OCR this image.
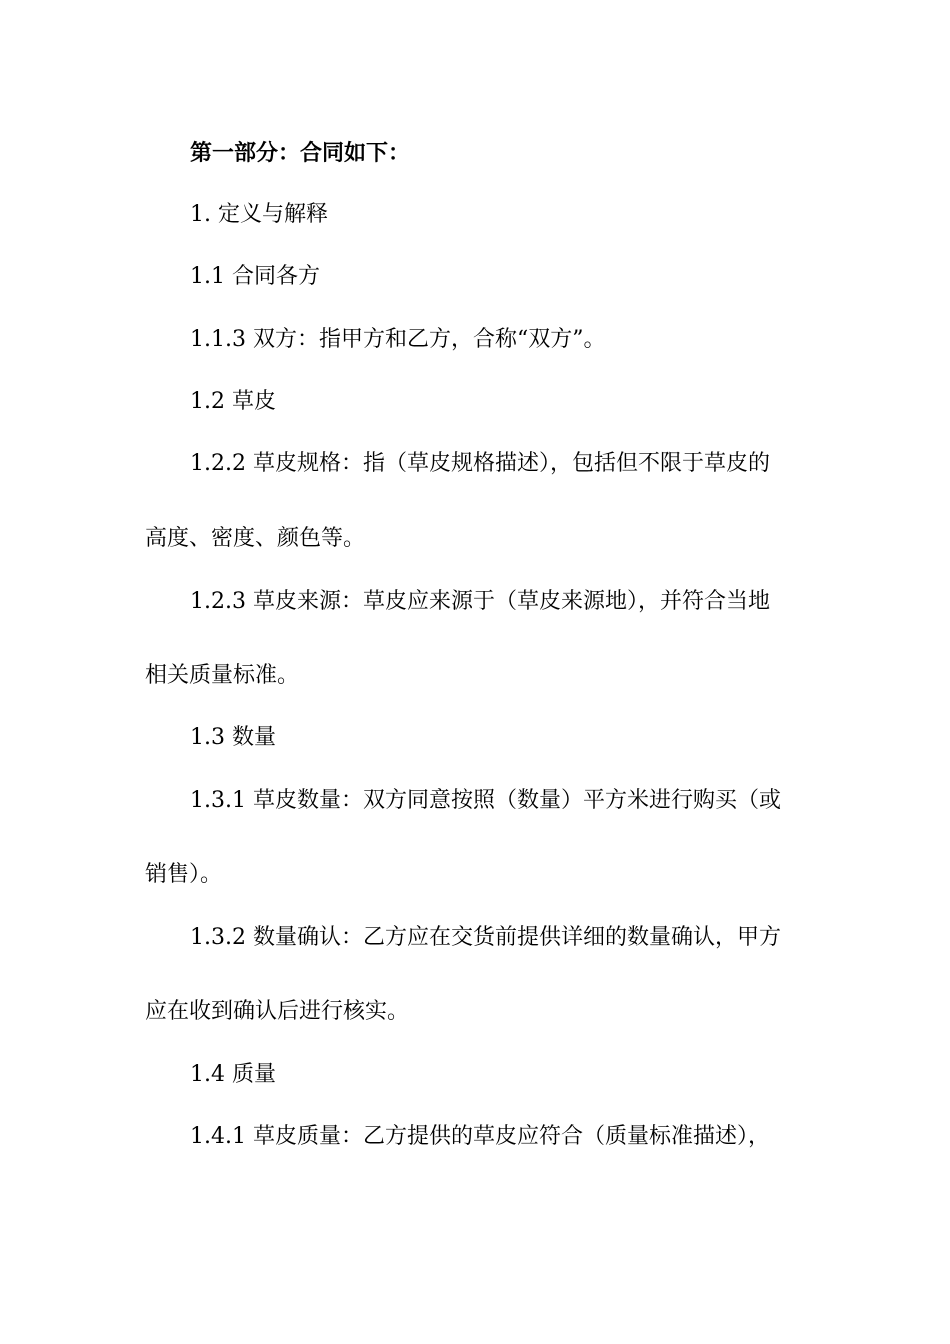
第一部分：合同如下：
1. 定义与解释
1.1 合同各方
1.1.3 双方：指甲方和乙方，合称“双方”。
1.2 草皮
1.2.2 草皮规格：指（草皮规格描述），包括但不限于草皮的
高度、密度、颜色等。
1.2.3 草皮来源：草皮应来源于（草皮来源地），并符合当地
相关质量标准。
1.3 数量
1.3.1 草皮数量：双方同意按照（数量）平方米进行购买（或
销售）。
1.3.2 数量确认：乙方应在交货前提供详细的数量确认，甲方
应在收到确认后进行核实。
1.4 质量
1.4.1 草皮质量：乙方提供的草皮应符合（质量标准描述），
